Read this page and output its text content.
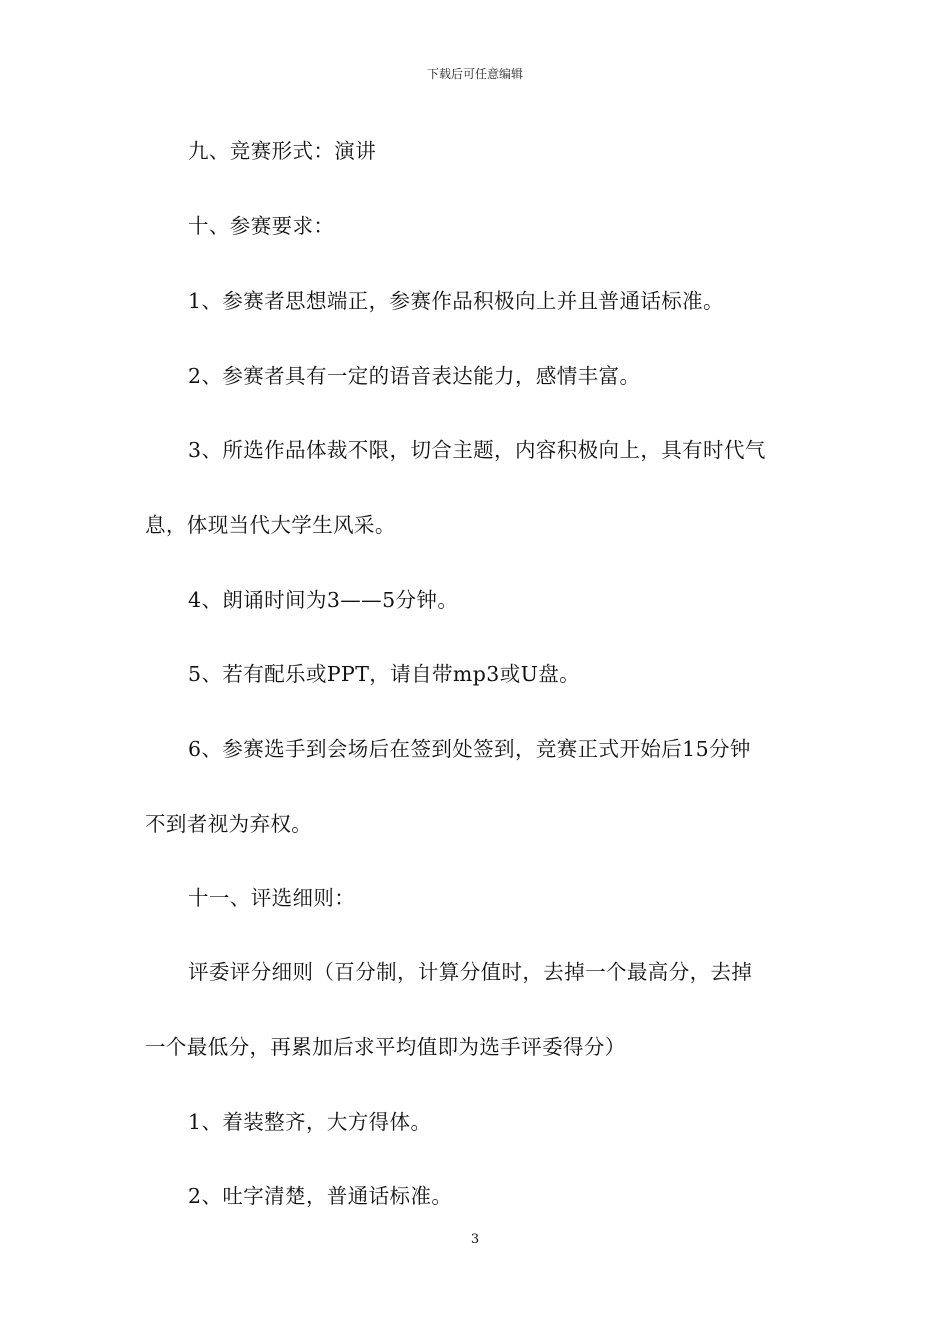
下载后可任意编辑
九、竞赛形式：演讲
十、参赛要求：
1、参赛者思想端正，参赛作品积极向上并且普通话标准。
2、参赛者具有一定的语音表达能力，感情丰富。
3、所选作品体裁不限，切合主题，内容积极向上，具有时代气
息，体现当代大学生风采。
4、朗诵时间为3——5分钟。
5、若有配乐或PPT，请自带mp3或U盘。
6、参赛选手到会场后在签到处签到，竞赛正式开始后15分钟
不到者视为弃权。
十一、评选细则：
评委评分细则（百分制，计算分值时，去掉一个最高分，去掉
一个最低分，再累加后求平均值即为选手评委得分）
1、着装整齐，大方得体。
2、吐字清楚，普通话标准。
3
